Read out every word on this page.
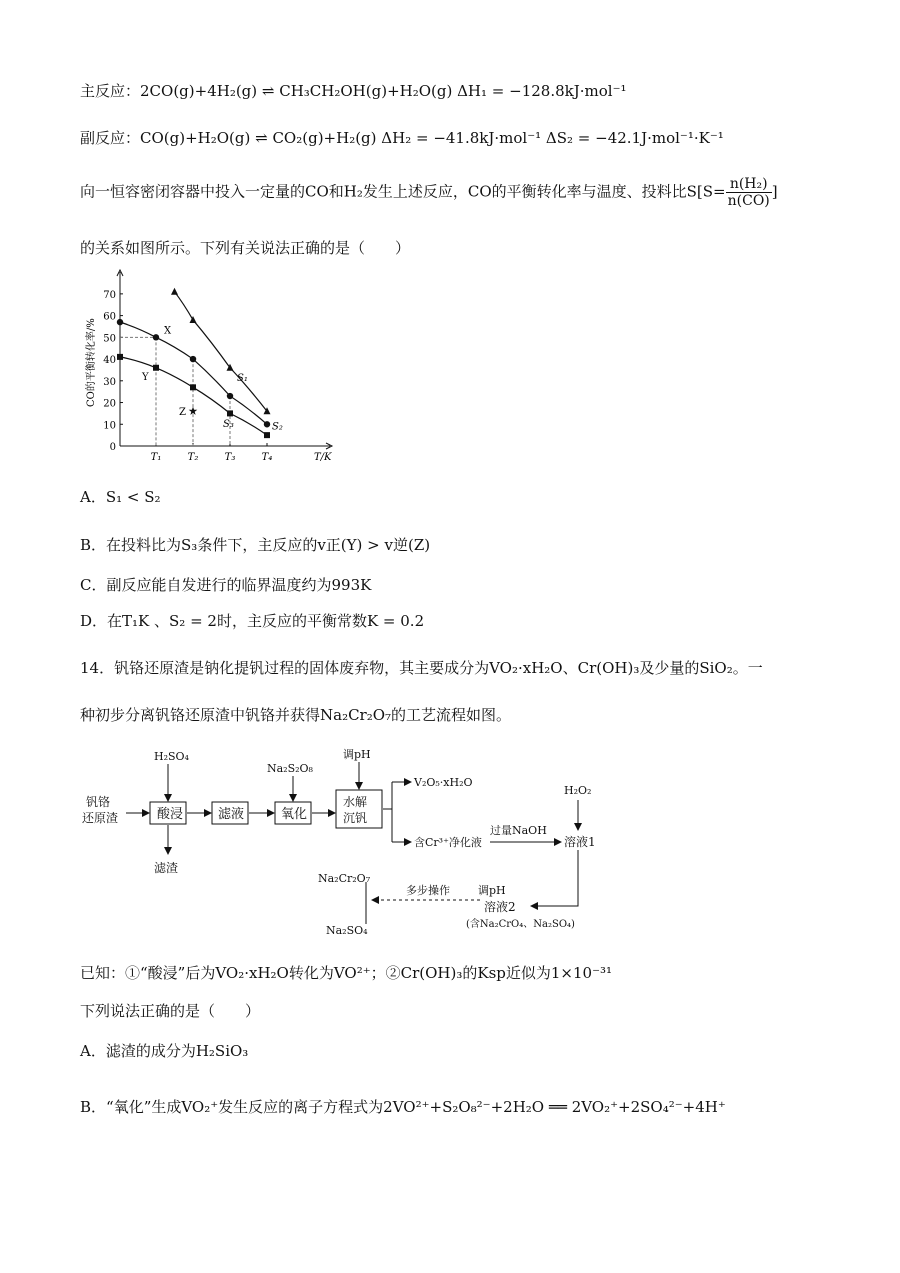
主反应：2CO(g)+4H₂(g) ⇌ CH₃CH₂OH(g)+H₂O(g) ΔH₁ = −128.8kJ·mol⁻¹
副反应：CO(g)+H₂O(g) ⇌ CO₂(g)+H₂(g) ΔH₂ = −41.8kJ·mol⁻¹ ΔS₂ = −42.1J·mol⁻¹·K⁻¹
向一恒容密闭容器中投入一定量的CO和H₂发生上述反应，CO的平衡转化率与温度、投料比$S[S= \frac{\text{n(H₂)}}{n(CO)}$ ]
的关系如图所示。下列有关说法正确的是（　　）
0
10
20
30
40
50
60
70
T₁	T₂	T₃	T₄	T/K
CO的平衡转化率/%	S₁
S₂
S₃
X
Y
Z
A．S₁ < S₂
B．在投料比为S₃条件下，主反应的v正(Y) > v逆(Z)
C．副反应能自发进行的临界温度约为993K
D．在T₁K 、S₂ = 2时，主反应的平衡常数K = 0.2
14．钒铬还原渣是钠化提钒过程的固体废弃物，其主要成分为VO₂·xH₂O、Cr(OH)₃及少量的SiO₂。一
种初步分离钒铬还原渣中钒铬并获得Na₂Cr₂O₇的工艺流程如图。
钒铬
还原渣
H₂SO₄
酸浸
滤渣
滤液
Na₂S₂O₈
氧化
调pH
水解
沉钒
V₂O₅·xH₂O
含Cr³⁺净化液
过量NaOH
H₂O₂
溶液1
Na₂Cr₂O₇
Na₂SO₄
多步操作	调pH
溶液2
(含Na₂CrO₄、Na₂SO₄)
已知：①“酸浸”后为VO₂·xH₂O转化为VO²⁺；②Cr(OH)₃的Ksp近似为1×10⁻³¹
下列说法正确的是（　　）
A．滤渣的成分为H₂SiO₃
B．“氧化”生成VO₂⁺发生反应的离子方程式为2VO²⁺+S₂O₈²⁻+2H₂O ══ 2VO₂⁺+2SO₄²⁻+4H⁺
